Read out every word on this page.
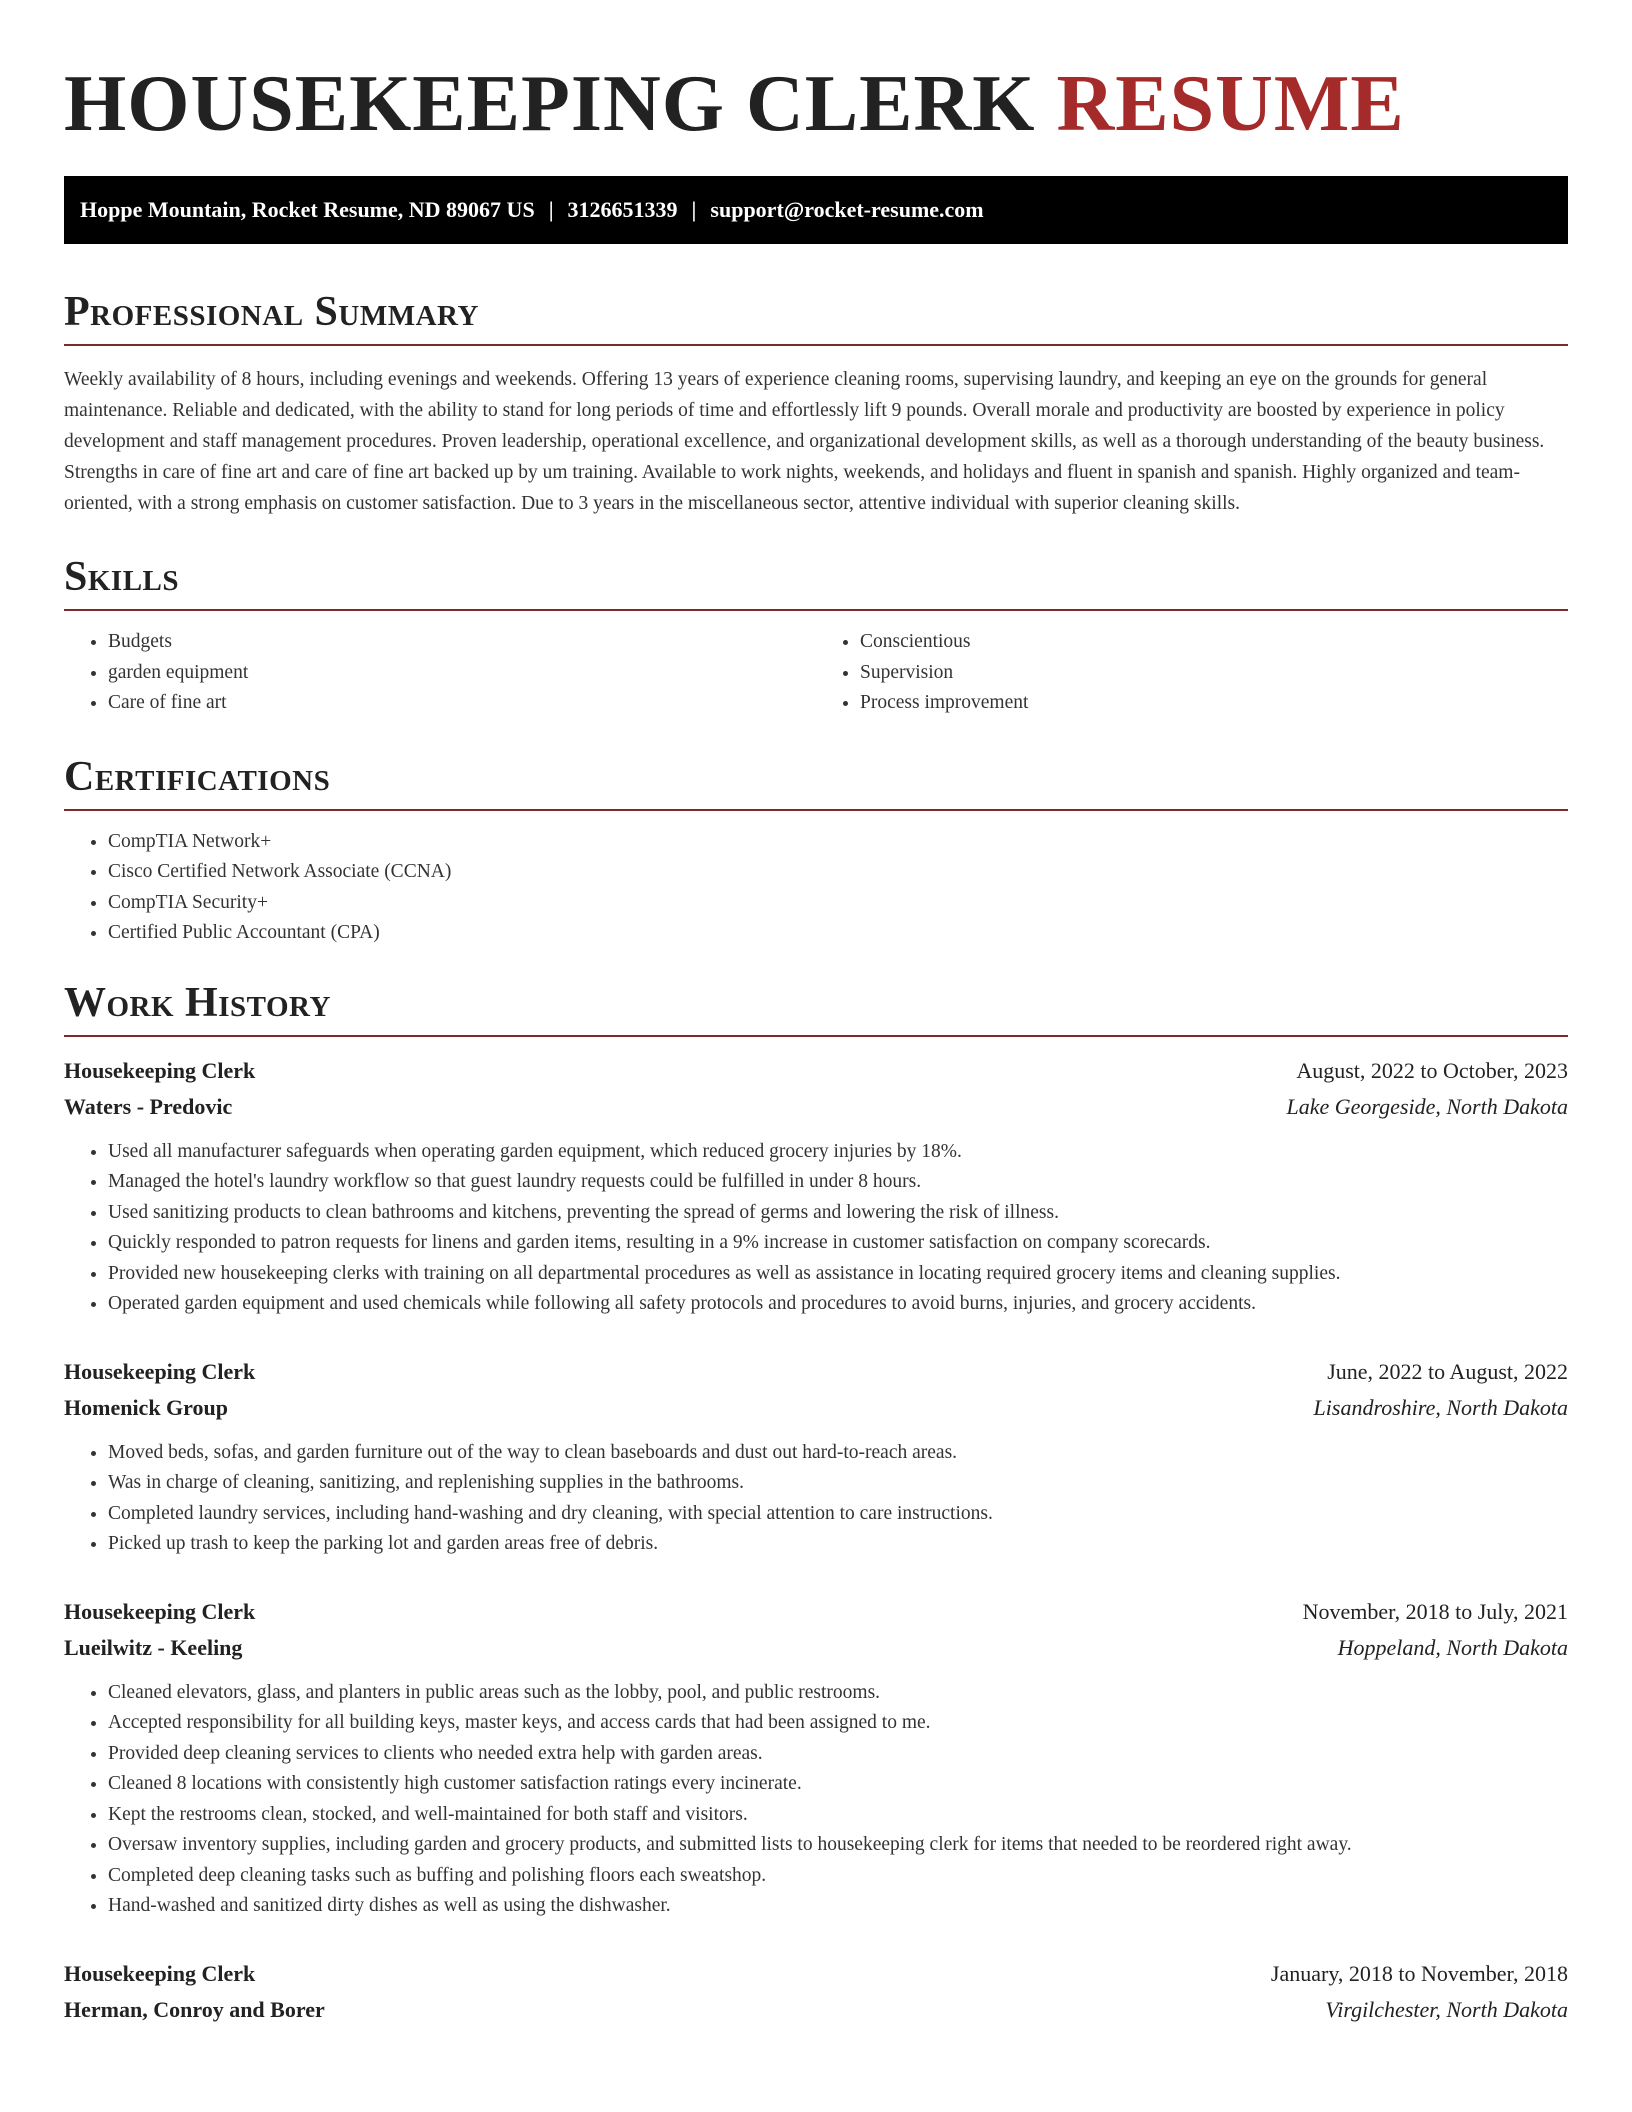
HOUSEKEEPING CLERK RESUME
Hoppe Mountain, Rocket Resume, ND 89067 US | 3126651339 | support@rocket-resume.com
Professional Summary

Weekly availability of 8 hours, including evenings and weekends. Offering 13 years of experience cleaning rooms, supervising laundry, and keeping an eye on the grounds for general maintenance. Reliable and dedicated, with the ability to stand for long periods of time and effortlessly lift 9 pounds. Overall morale and productivity are boosted by experience in policy development and staff management procedures. Proven leadership, operational excellence, and organizational development skills, as well as a thorough understanding of the beauty business. Strengths in care of fine art and care of fine art backed up by um training. Available to work nights, weekends, and holidays and fluent in spanish and spanish. Highly organized and team-oriented, with a strong emphasis on customer satisfaction. Due to 3 years in the miscellaneous sector, attentive individual with superior cleaning skills.

Skills
• Budgets
• garden equipment
• Care of fine art
• Conscientious
• Supervision
• Process improvement
Certifications
• CompTIA Network+
• Cisco Certified Network Associate (CCNA)
• CompTIA Security+
• Certified Public Accountant (CPA)
Work History
Housekeeping Clerk	August, 2022 to October, 2023
Waters - Predovic	Lake Georgeside, North Dakota
• Used all manufacturer safeguards when operating garden equipment, which reduced grocery injuries by 18%.
• Managed the hotel's laundry workflow so that guest laundry requests could be fulfilled in under 8 hours.
• Used sanitizing products to clean bathrooms and kitchens, preventing the spread of germs and lowering the risk of illness.
• Quickly responded to patron requests for linens and garden items, resulting in a 9% increase in customer satisfaction on company scorecards.
• Provided new housekeeping clerks with training on all departmental procedures as well as assistance in locating required grocery items and cleaning supplies.
• Operated garden equipment and used chemicals while following all safety protocols and procedures to avoid burns, injuries, and grocery accidents.
Housekeeping Clerk	June, 2022 to August, 2022
Homenick Group	Lisandroshire, North Dakota
• Moved beds, sofas, and garden furniture out of the way to clean baseboards and dust out hard-to-reach areas.
• Was in charge of cleaning, sanitizing, and replenishing supplies in the bathrooms.
• Completed laundry services, including hand-washing and dry cleaning, with special attention to care instructions.
• Picked up trash to keep the parking lot and garden areas free of debris.
Housekeeping Clerk	November, 2018 to July, 2021
Lueilwitz - Keeling	Hoppeland, North Dakota
• Cleaned elevators, glass, and planters in public areas such as the lobby, pool, and public restrooms.
• Accepted responsibility for all building keys, master keys, and access cards that had been assigned to me.
• Provided deep cleaning services to clients who needed extra help with garden areas.
• Cleaned 8 locations with consistently high customer satisfaction ratings every incinerate.
• Kept the restrooms clean, stocked, and well-maintained for both staff and visitors.
• Oversaw inventory supplies, including garden and grocery products, and submitted lists to housekeeping clerk for items that needed to be reordered right away.
• Completed deep cleaning tasks such as buffing and polishing floors each sweatshop.
• Hand-washed and sanitized dirty dishes as well as using the dishwasher.
Housekeeping Clerk	January, 2018 to November, 2018
Herman, Conroy and Borer	Virgilchester, North Dakota
